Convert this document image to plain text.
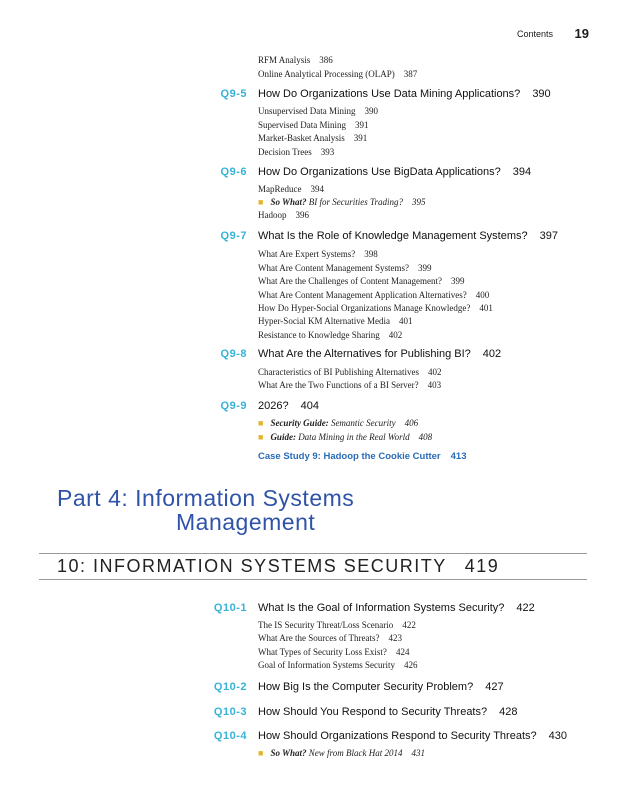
Contents 19
RFM Analysis 386
Online Analytical Processing (OLAP) 387
Q9-5 How Do Organizations Use Data Mining Applications? 390
Unsupervised Data Mining 390
Supervised Data Mining 391
Market-Basket Analysis 391
Decision Trees 393
Q9-6 How Do Organizations Use BigData Applications? 394
MapReduce 394
■ So What? BI for Securities Trading? 395
Hadoop 396
Q9-7 What Is the Role of Knowledge Management Systems? 397
What Are Expert Systems? 398
What Are Content Management Systems? 399
What Are the Challenges of Content Management? 399
What Are Content Management Application Alternatives? 400
How Do Hyper-Social Organizations Manage Knowledge? 401
Hyper-Social KM Alternative Media 401
Resistance to Knowledge Sharing 402
Q9-8 What Are the Alternatives for Publishing BI? 402
Characteristics of BI Publishing Alternatives 402
What Are the Two Functions of a BI Server? 403
Q9-9 2026? 404
■ Security Guide: Semantic Security 406
■ Guide: Data Mining in the Real World 408
Case Study 9: Hadoop the Cookie Cutter 413
Part 4: Information Systems
Management
10: INFORMATION SYSTEMS SECURITY 419
Q10-1 What Is the Goal of Information Systems Security? 422
The IS Security Threat/Loss Scenario 422
What Are the Sources of Threats? 423
What Types of Security Loss Exist? 424
Goal of Information Systems Security 426
Q10-2 How Big Is the Computer Security Problem? 427
Q10-3 How Should You Respond to Security Threats? 428
Q10-4 How Should Organizations Respond to Security Threats? 430
■ So What? New from Black Hat 2014 431
